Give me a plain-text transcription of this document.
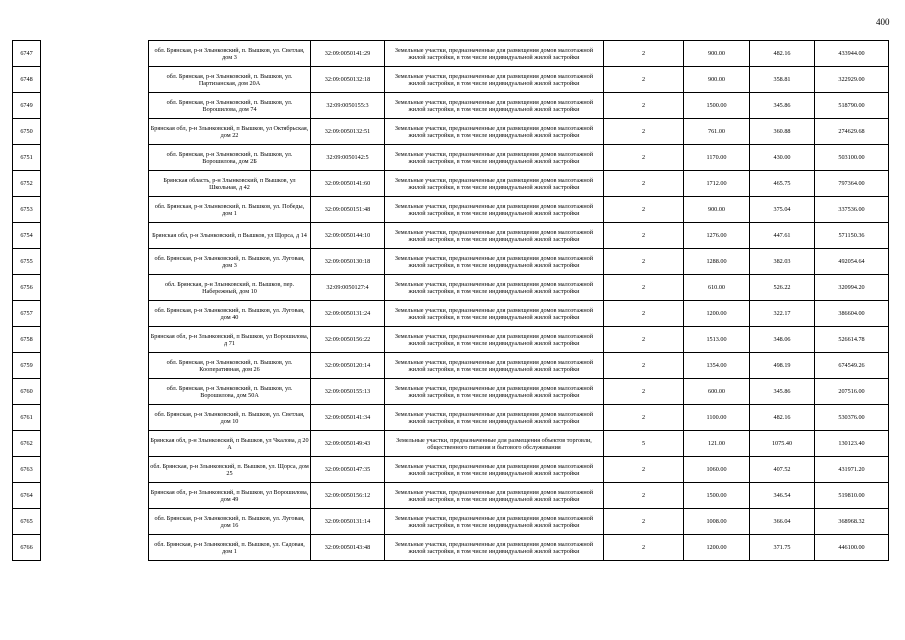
400
6747		обл. Брянская, р-н Злынковский, п. Вышков, ул. Светлая, дом 3	32:09:0050141:29	Земельные участки, предназначенные для размещения домов малоэтажной жилой застройки, в том числе индивидуальной жилой застройки	2	900.00	482.16	433944.00
6748		обл. Брянская, р-н Злынковский, п. Вышков, ул. Партизанская, дом 20А	32:09:0050132:18	Земельные участки, предназначенные для размещения домов малоэтажной жилой застройки, в том числе индивидуальной жилой застройки	2	900.00	358.81	322929.00
6749		обл. Брянская, р-н Злынковский, п. Вышков, ул. Ворошилова, дом 74	32:09:0050155:3	Земельные участки, предназначенные для размещения домов малоэтажной жилой застройки, в том числе индивидуальной жилой застройки	2	1500.00	345.86	518790.00
6750		Брянская обл, р-н Злынковский, п Вышков, ул Октябрьская, дом 22	32:09:0050132:51	Земельные участки, предназначенные для размещения домов малоэтажной жилой застройки, в том числе индивидуальной жилой застройки	2	761.00	360.88	274629.68
6751		обл. Брянская, р-н Злынковский, п. Вышков, ул. Ворошилова, дом 2Б	32:09:0050142:5	Земельные участки, предназначенные для размещения домов малоэтажной жилой застройки, в том числе индивидуальной жилой застройки	2	1170.00	430.00	503100.00
6752		Брянская область, р-н Злынковский, п Вышков, ул Школьная, д 42	32:09:0050141:60	Земельные участки, предназначенные для размещения домов малоэтажной жилой застройки, в том числе индивидуальной жилой застройки	2	1712.00	465.75	797364.00
6753		обл. Брянская, р-н Злынковский, п. Вышков, ул. Победы, дом 1	32:09:0050151:48	Земельные участки, предназначенные для размещения домов малоэтажной жилой застройки, в том числе индивидуальной жилой застройки	2	900.00	375.04	337536.00
6754		Брянская обл, р-н Злынковский, п Вышков, ул Щорса, д 14	32:09:0050144:10	Земельные участки, предназначенные для размещения домов малоэтажной жилой застройки, в том числе индивидуальной жилой застройки	2	1276.00	447.61	571150.36
6755		обл. Брянская, р-н Злынковский, п. Вышков, ул. Луговая, дом 3	32:09:0050130:18	Земельные участки, предназначенные для размещения домов малоэтажной жилой застройки, в том числе индивидуальной жилой застройки	2	1288.00	382.03	492054.64
6756		обл. Брянская, р-н Злынковский, п. Вышков, пер. Набережный, дом 10	32:09:0050127:4	Земельные участки, предназначенные для размещения домов малоэтажной жилой застройки, в том числе индивидуальной жилой застройки	2	610.00	526.22	320994.20
6757		обл. Брянская, р-н Злынковский, п. Вышков, ул. Луговая, дом 40	32:09:0050131:24	Земельные участки, предназначенные для размещения домов малоэтажной жилой застройки, в том числе индивидуальной жилой застройки	2	1200.00	322.17	386604.00
6758		Брянская обл, р-н Злынковский, п Вышков, ул Ворошилова, д 71	32:09:0050156:22	Земельные участки, предназначенные для размещения домов малоэтажной жилой застройки, в том числе индивидуальной жилой застройки	2	1513.00	348.06	526614.78
6759		обл. Брянская, р-н Злынковский, п. Вышков, ул. Кооперативная, дом 26	32:09:0050120:14	Земельные участки, предназначенные для размещения домов малоэтажной жилой застройки, в том числе индивидуальной жилой застройки	2	1354.00	498.19	674549.26
6760		обл. Брянская, р-н Злынковский, п. Вышков, ул. Ворошилова, дом 50А	32:09:0050155:13	Земельные участки, предназначенные для размещения домов малоэтажной жилой застройки, в том числе индивидуальной жилой застройки	2	600.00	345.86	207516.00
6761		обл. Брянская, р-н Злынковский, п. Вышков, ул. Светлая, дом 10	32:09:0050141:34	Земельные участки, предназначенные для размещения домов малоэтажной жилой застройки, в том числе индивидуальной жилой застройки	2	1100.00	482.16	530376.00
6762		Брянская обл, р-н Злынковский, п Вышков, ул Чкалова, д 20 А	32:09:0050149:43	Земельные участки, предназначенные для размещения объектов торговли, общественного питания и бытового обслуживания	5	121.00	1075.40	130123.40
6763		обл. Брянская, р-н Злынковский, п. Вышков, ул. Щорса, дом 25	32:09:0050147:35	Земельные участки, предназначенные для размещения домов малоэтажной жилой застройки, в том числе индивидуальной жилой застройки	2	1060.00	407.52	431971.20
6764		Брянская обл, р-н Злынковский, п Вышков, ул Ворошилова, дом 49	32:09:0050156:12	Земельные участки, предназначенные для размещения домов малоэтажной жилой застройки, в том числе индивидуальной жилой застройки	2	1500.00	346.54	519810.00
6765		обл. Брянская, р-н Злынковский, п. Вышков, ул. Луговая, дом 16	32:09:0050131:14	Земельные участки, предназначенные для размещения домов малоэтажной жилой застройки, в том числе индивидуальной жилой застройки	2	1008.00	366.04	368968.32
6766		обл. Брянская, р-н Злынковский, п. Вышков, ул. Садовая, дом 1	32:09:0050143:48	Земельные участки, предназначенные для размещения домов малоэтажной жилой застройки, в том числе индивидуальной жилой застройки	2	1200.00	371.75	446100.00
